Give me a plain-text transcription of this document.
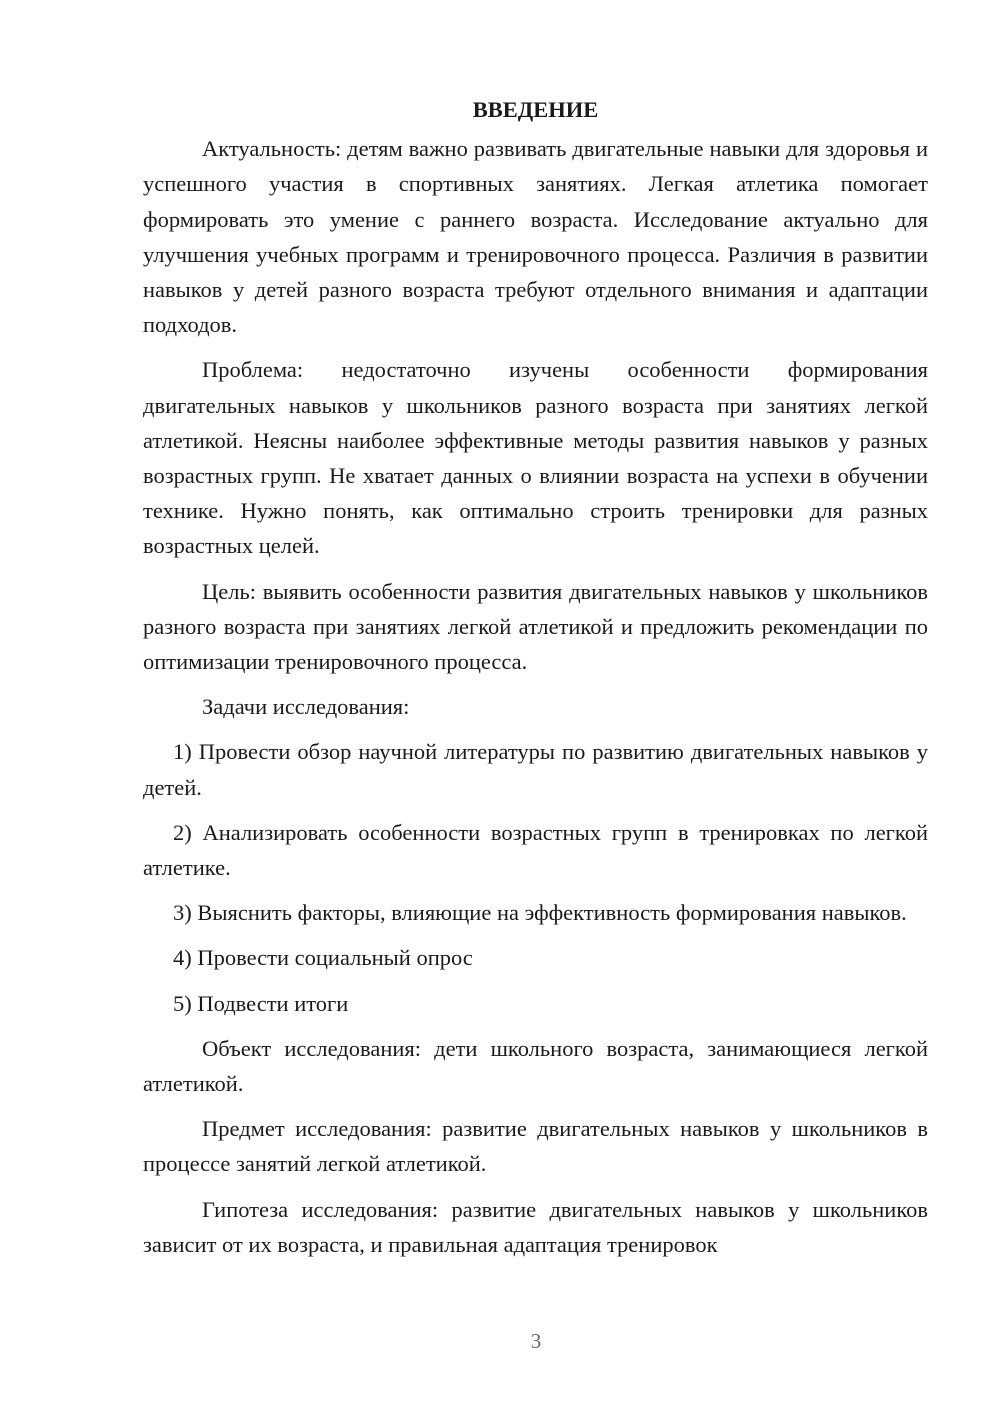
ВВЕДЕНИЕ

Актуальность: детям важно развивать двигательные навыки для здоровья и успешного участия в спортивных занятиях. Легкая атлетика помогает формировать это умение с раннего возраста. Исследование актуально для улучшения учебных программ и тренировочного процесса. Различия в развитии навыков у детей разного возраста требуют отдельного внимания и адаптации подходов.

Проблема: недостаточно изучены особенности формирования двигательных навыков у школьников разного возраста при занятиях легкой атлетикой. Неясны наиболее эффективные методы развития навыков у разных возрастных групп. Не хватает данных о влиянии возраста на успехи в обучении технике. Нужно понять, как оптимально строить тренировки для разных возрастных целей.

Цель: выявить особенности развития двигательных навыков у школьников разного возраста при занятиях легкой атлетикой и предложить рекомендации по оптимизации тренировочного процесса.

Задачи исследования:

1) Провести обзор научной литературы по развитию двигательных навыков у детей.

2) Анализировать особенности возрастных групп в тренировках по легкой атлетике.

3) Выяснить факторы, влияющие на эффективность формирования навыков.

4) Провести социальный опрос

5) Подвести итоги

Объект исследования: дети школьного возраста, занимающиеся легкой атлетикой.

Предмет исследования: развитие двигательных навыков у школьников в процессе занятий легкой атлетикой.

Гипотеза исследования: развитие двигательных навыков у школьников зависит от их возраста, и правильная адаптация тренировок

3
